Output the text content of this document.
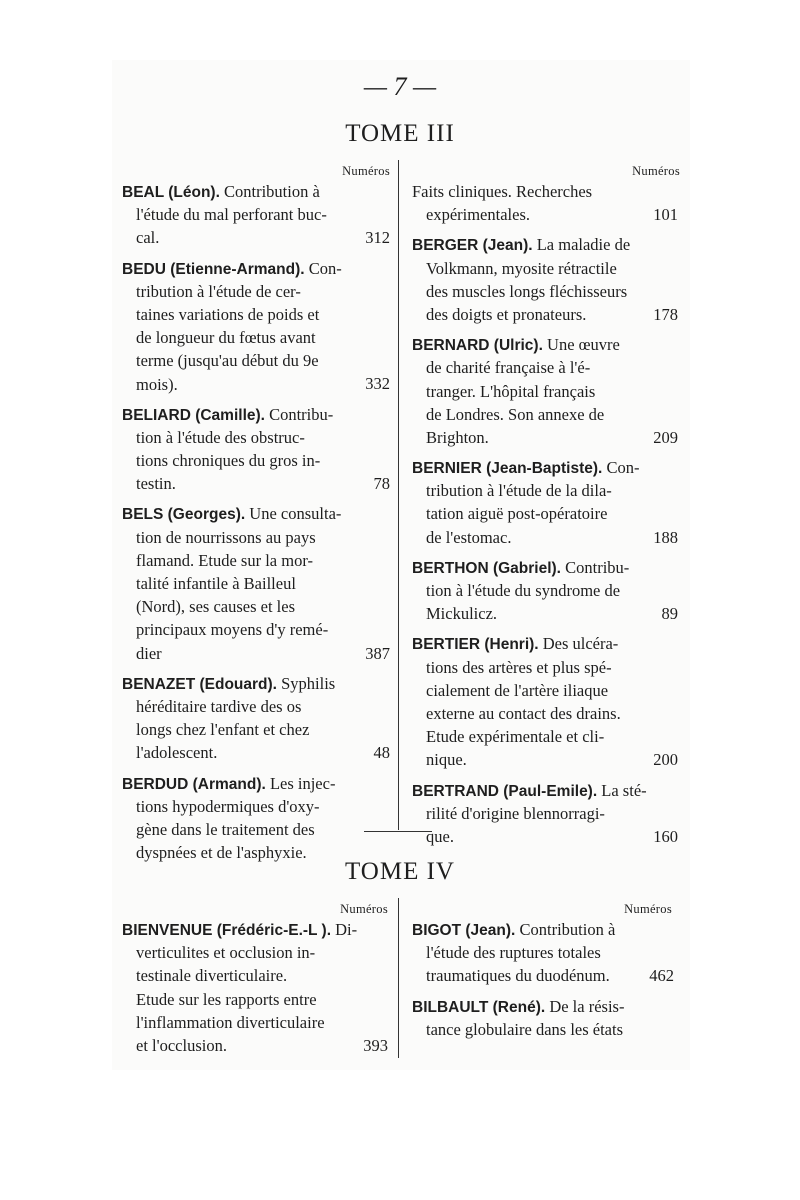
— 7 —
TOME III
Numéros	Numéros
BEAL (Léon). Contribution à
l'étude du mal perforant buc-
cal.	312
BEDU (Etienne-Armand). Con-
tribution à l'étude de cer-
taines variations de poids et
de longueur du fœtus avant
terme (jusqu'au début du 9e
mois).	332
BELIARD (Camille). Contribu-
tion à l'étude des obstruc-
tions chroniques du gros in-
testin.	78
BELS (Georges). Une consulta-
tion de nourrissons au pays
flamand. Etude sur la mor-
talité infantile à Bailleul
(Nord), ses causes et les
principaux moyens d'y remé-
dier	387
BENAZET (Edouard). Syphilis
héréditaire tardive des os
longs chez l'enfant et chez
l'adolescent.	48
BERDUD (Armand). Les injec-
tions hypodermiques d'oxy-
gène dans le traitement des
dyspnées et de l'asphyxie.
Faits cliniques. Recherches
expérimentales.	101
BERGER (Jean). La maladie de
Volkmann, myosite rétractile
des muscles longs fléchisseurs
des doigts et pronateurs.	178
BERNARD (Ulric). Une œuvre
de charité française à l'é-
tranger. L'hôpital français
de Londres. Son annexe de
Brighton.	209
BERNIER (Jean-Baptiste). Con-
tribution à l'étude de la dila-
tation aiguë post-opératoire
de l'estomac.	188
BERTHON (Gabriel). Contribu-
tion à l'étude du syndrome de
Mickulicz.	89
BERTIER (Henri). Des ulcéra-
tions des artères et plus spé-
cialement de l'artère iliaque
externe au contact des drains.
Etude expérimentale et cli-
nique.	200
BERTRAND (Paul-Emile). La sté-
rilité d'origine blennorragi-
que.	160
TOME IV
Numéros	Numéros
BIENVENUE (Frédéric-E.-L ). Di-
verticulites et occlusion in-
testinale diverticulaire.
Etude sur les rapports entre
l'inflammation diverticulaire
et l'occlusion.	393
BIGOT (Jean). Contribution à
l'étude des ruptures totales
traumatiques du duodénum.	462
BILBAULT (René). De la résis-
tance globulaire dans les états
